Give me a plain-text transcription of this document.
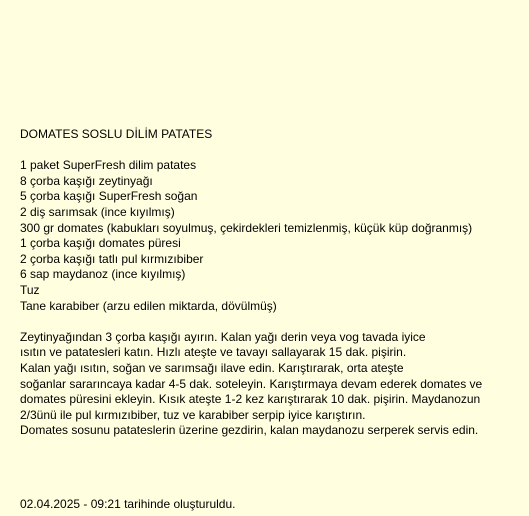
DOMATES SOSLU DİLİM PATATES
1 paket SuperFresh dilim patates
8 çorba kaşığı zeytinyağı
5 çorba kaşığı SuperFresh soğan
2 diş sarımsak (ince kıyılmış)
300 gr domates (kabukları soyulmuş, çekirdekleri temizlenmiş, küçük küp doğranmış)
1 çorba kaşığı domates püresi
2 çorba kaşığı tatlı pul kırmızıbiber
6 sap maydanoz (ince kıyılmış)
Tuz
Tane karabiber (arzu edilen miktarda, dövülmüş)
Zeytinyağından 3 çorba kaşığı ayırın. Kalan yağı derin veya vog tavada iyice
ısıtın ve patatesleri katın. Hızlı ateşte ve tavayı sallayarak 15 dak. pişirin.
Kalan yağı ısıtın, soğan ve sarımsağı ilave edin. Karıştırarak, orta ateşte
soğanlar sararıncaya kadar 4-5 dak. soteleyin. Karıştırmaya devam ederek domates ve
domates püresini ekleyin. Kısık ateşte 1-2 kez karıştırarak 10 dak. pişirin. Maydanozun
2/3ünü ile pul kırmızıbiber, tuz ve karabiber serpip iyice karıştırın.
Domates sosunu patateslerin üzerine gezdirin, kalan maydanozu serperek servis edin.
02.04.2025 - 09:21 tarihinde oluşturuldu.
